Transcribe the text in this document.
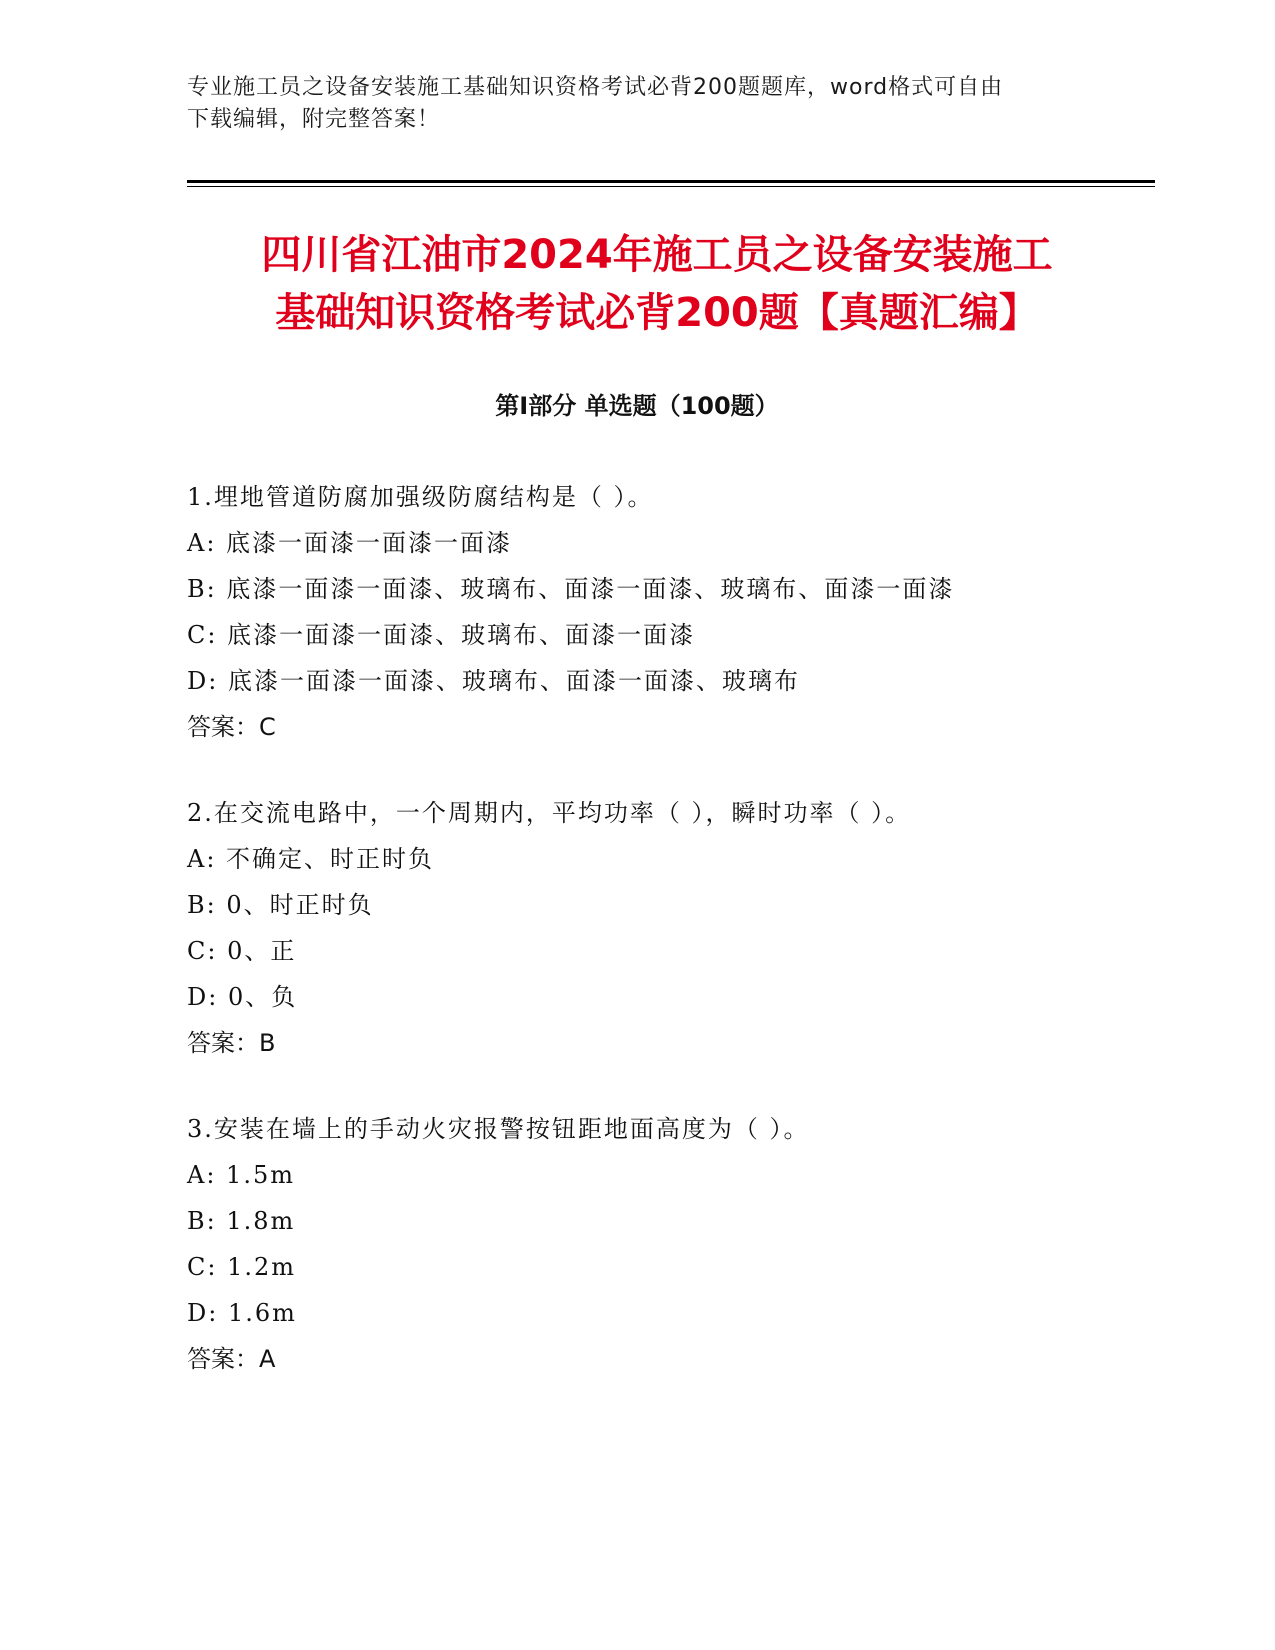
专业施工员之设备安装施工基础知识资格考试必背200题题库，word格式可自由
下载编辑，附完整答案！
四川省江油市2024年施工员之设备安装施工
基础知识资格考试必背200题【真题汇编】
第Ⅰ部分 单选题（100题）
1.埋地管道防腐加强级防腐结构是（ ）。
A: 底漆一面漆一面漆一面漆
B: 底漆一面漆一面漆、玻璃布、面漆一面漆、玻璃布、面漆一面漆
C: 底漆一面漆一面漆、玻璃布、面漆一面漆
D: 底漆一面漆一面漆、玻璃布、面漆一面漆、玻璃布
答案：C
2.在交流电路中，一个周期内，平均功率（ ），瞬时功率（ ）。
A: 不确定、时正时负
B: 0、时正时负
C: 0、正
D: 0、负
答案：B
3.安装在墙上的手动火灾报警按钮距地面高度为（ ）。
A: 1.5m
B: 1.8m
C: 1.2m
D: 1.6m
答案：A
